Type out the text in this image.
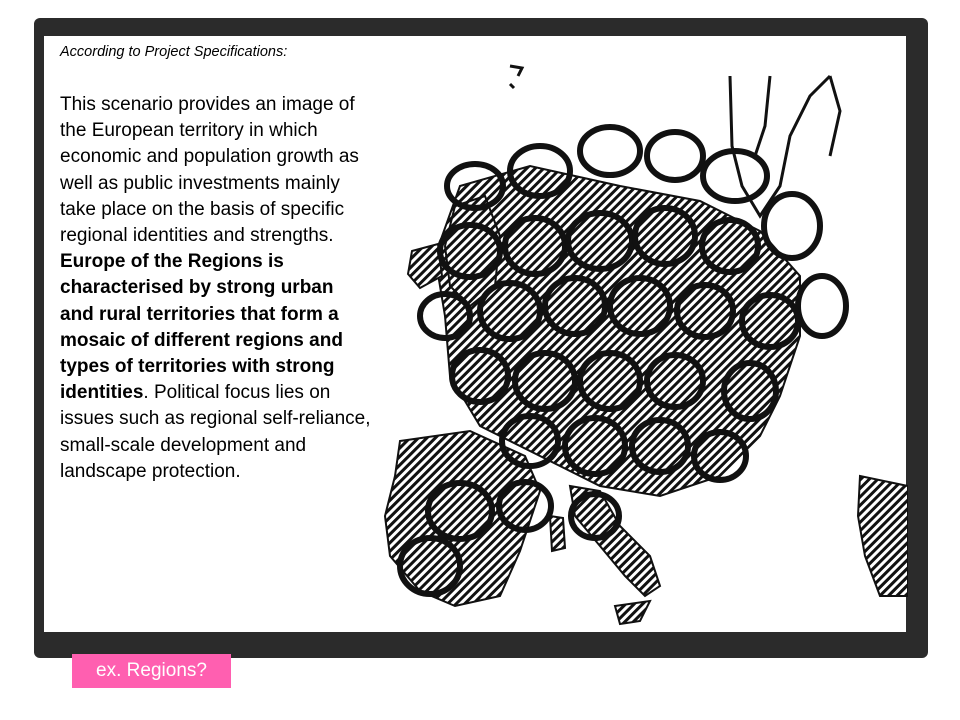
According to Project Specifications:

This scenario provides an image of the European territory in which economic and population growth as well as public investments mainly take place on the basis of specific regional identities and strengths. Europe of the Regions is characterised by strong urban and rural territories that form a mosaic of different regions and types of territories with strong identities. Political focus lies on issues such as regional self-reliance, small-scale development and landscape protection.

ex. Regions?
